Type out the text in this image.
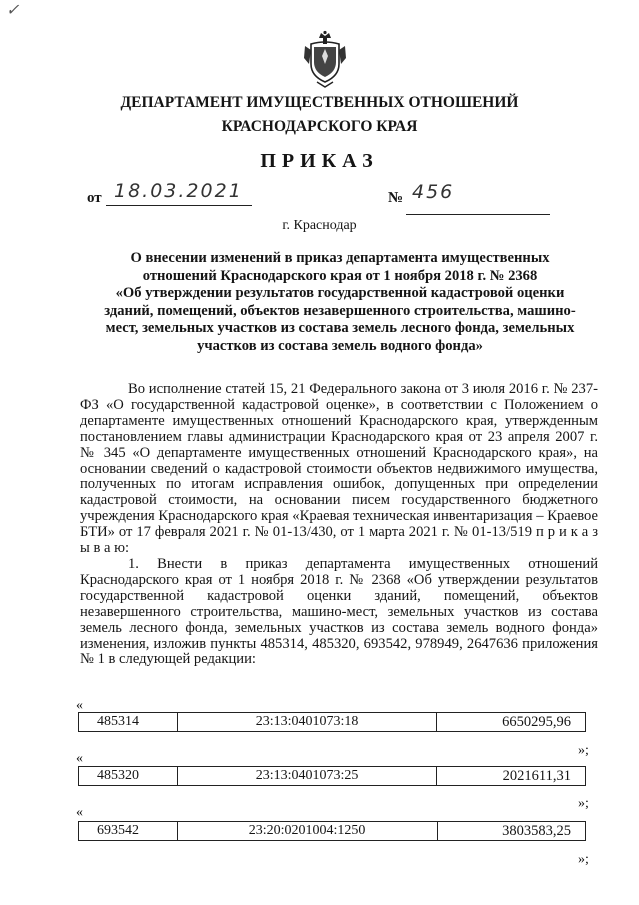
✓
ДЕПАРТАМЕНТ ИМУЩЕСТВЕННЫХ ОТНОШЕНИЙ
КРАСНОДАРСКОГО КРАЯ
ПРИКАЗ
от 18.03.2021	№ 456
г. Краснодар
О внесении изменений в приказ департамента имущественных
отношений Краснодарского края от 1 ноября 2018 г. № 2368
«Об утверждении результатов государственной кадастровой оценки
зданий, помещений, объектов незавершенного строительства, машино-
мест, земельных участков из состава земель лесного фонда, земельных
участков из состава земель водного фонда»

Во исполнение статей 15, 21 Федерального закона от 3 июля 2016 г. № 237-ФЗ «О государственной кадастровой оценке», в соответствии с Положением о департаменте имущественных отношений Краснодарского края, утвержденным постановлением главы администрации Краснодарского края от 23 апреля 2007 г. № 345 «О департаменте имущественных отношений Краснодарского края», на основании сведений о кадастровой стоимости объектов недвижимого имущества, полученных по итогам исправления ошибок, допущенных при определении кадастровой стоимости, на основании писем государственного бюджетного учреждения Краснодарского края «Краевая техническая инвентаризация – Краевое БТИ» от 17 февраля 2021 г. № 01-13/430, от 1 марта 2021 г. № 01-13/519 п р и к а з ы в а ю:

1. Внести в приказ департамента имущественных отношений Краснодарского края от 1 ноября 2018 г. № 2368 «Об утверждении результатов государственной кадастровой оценки зданий, помещений, объектов незавершенного строительства, машино-мест, земельных участков из состава земель лесного фонда, земельных участков из состава земель водного фонда» изменения, изложив пункты 485314, 485320, 693542, 978949, 2647636 приложения № 1 в следующей редакции:

«
485314	23:13:0401073:18	6650295,96
»;
«
485320	23:13:0401073:25	2021611,31
»;
«
693542	23:20:0201004:1250	3803583,25
»;
